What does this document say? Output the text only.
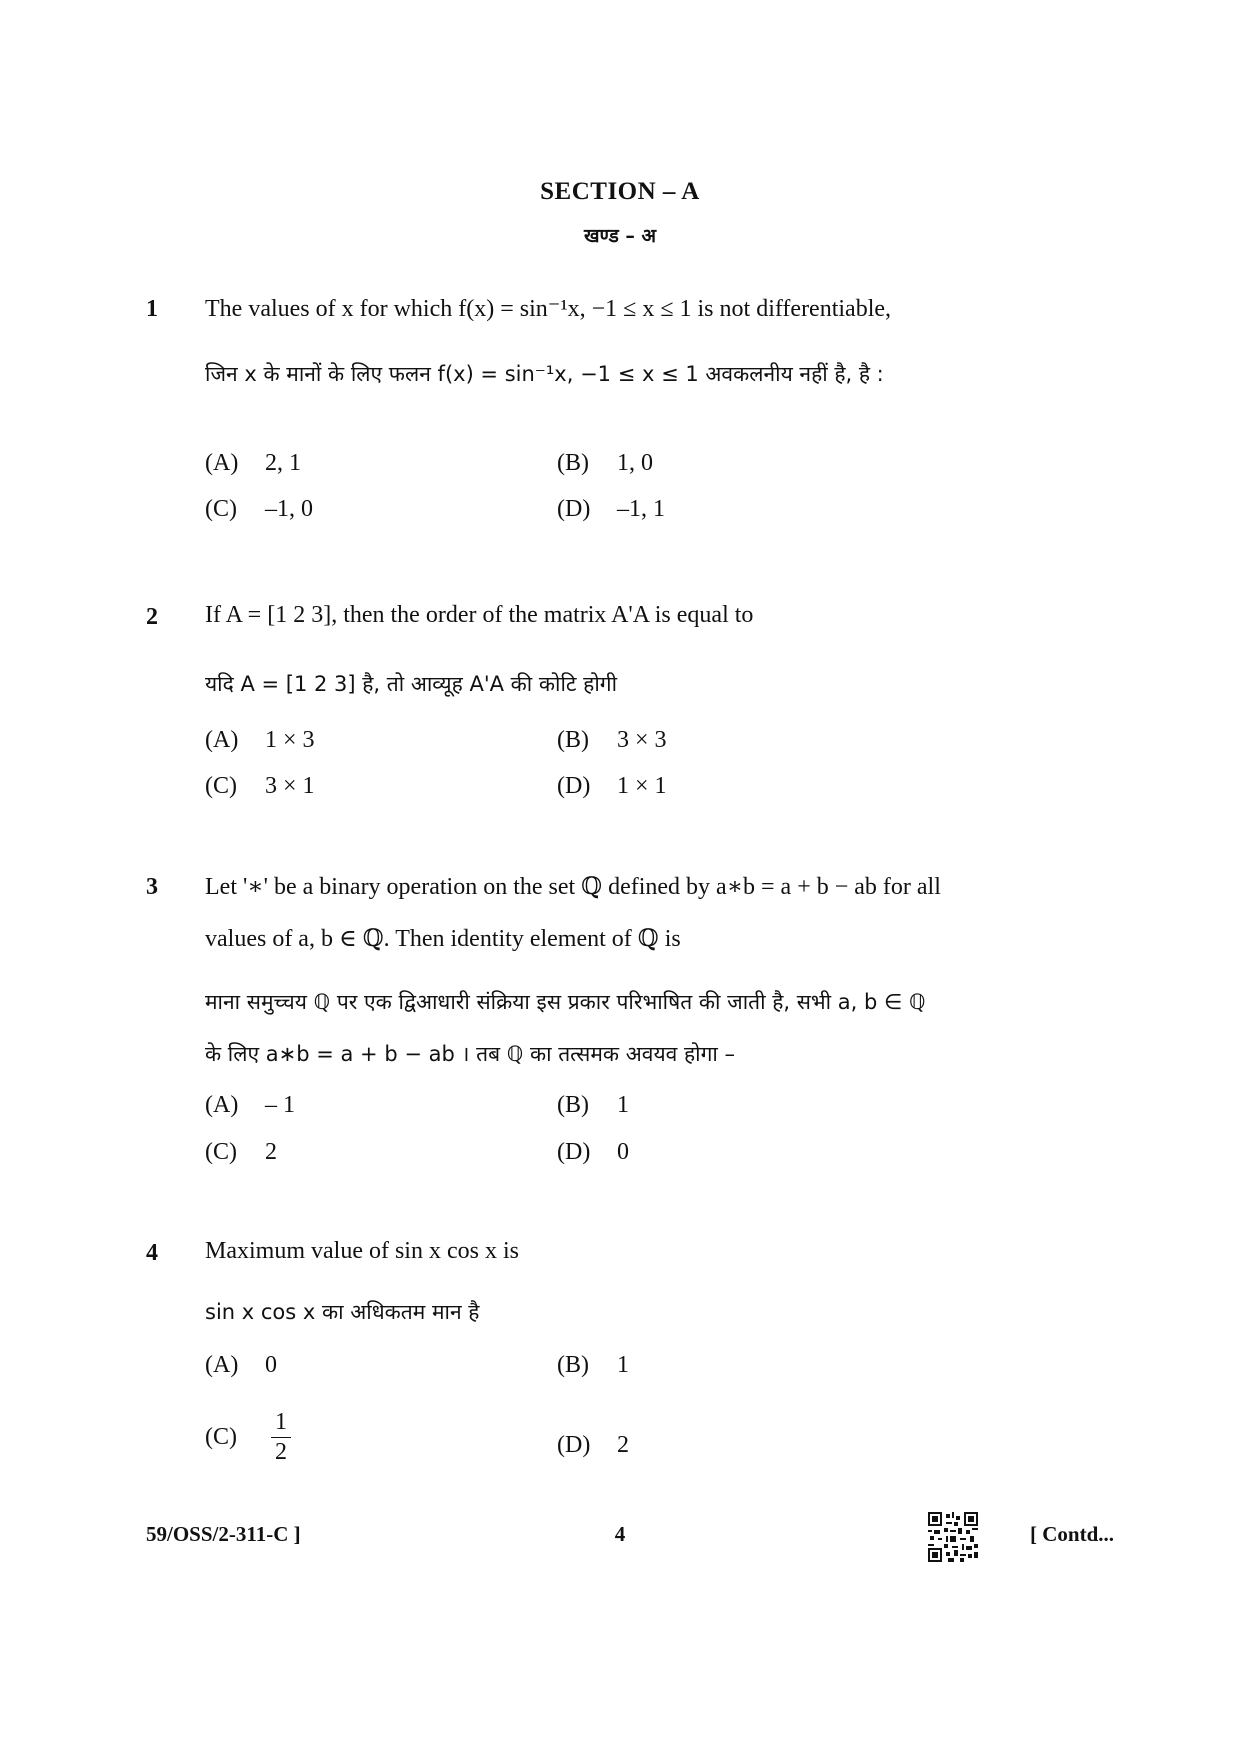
SECTION – A
खण्ड – अ
1 The values of x for which f(x) = sin⁻¹x, −1 ≤ x ≤ 1 is not differentiable,
जिन x के मानों के लिए फलन f(x) = sin⁻¹x, −1 ≤ x ≤ 1 अवकलनीय नहीं है, है :
(A) 2, 1	(B) 1, 0
(C) –1, 0	(D) –1, 1
2 If A = [1 2 3], then the order of the matrix A'A is equal to
यदि A = [1 2 3] है, तो आव्यूह A'A की कोटि होगी
(A) 1 × 3	(B) 3 × 3
(C) 3 × 1	(D) 1 × 1
3 Let '∗' be a binary operation on the set ℚ defined by a∗b = a + b − ab for all
values of a, b ∈ ℚ. Then identity element of ℚ is
माना समुच्चय ℚ पर एक द्विआधारी संक्रिया इस प्रकार परिभाषित की जाती है, सभी a, b ∈ ℚ
के लिए a∗b = a + b − ab । तब ℚ का तत्समक अवयव होगा –
(A) – 1	(B) 1
(C) 2	(D) 0
4 Maximum value of sin x cos x is
sin x cos x का अधिकतम मान है
(A) 0	(B) 1
$(C) \frac{1}{2}$	(D) 2
59/OSS/2-311-C ]	4	[ Contd...
